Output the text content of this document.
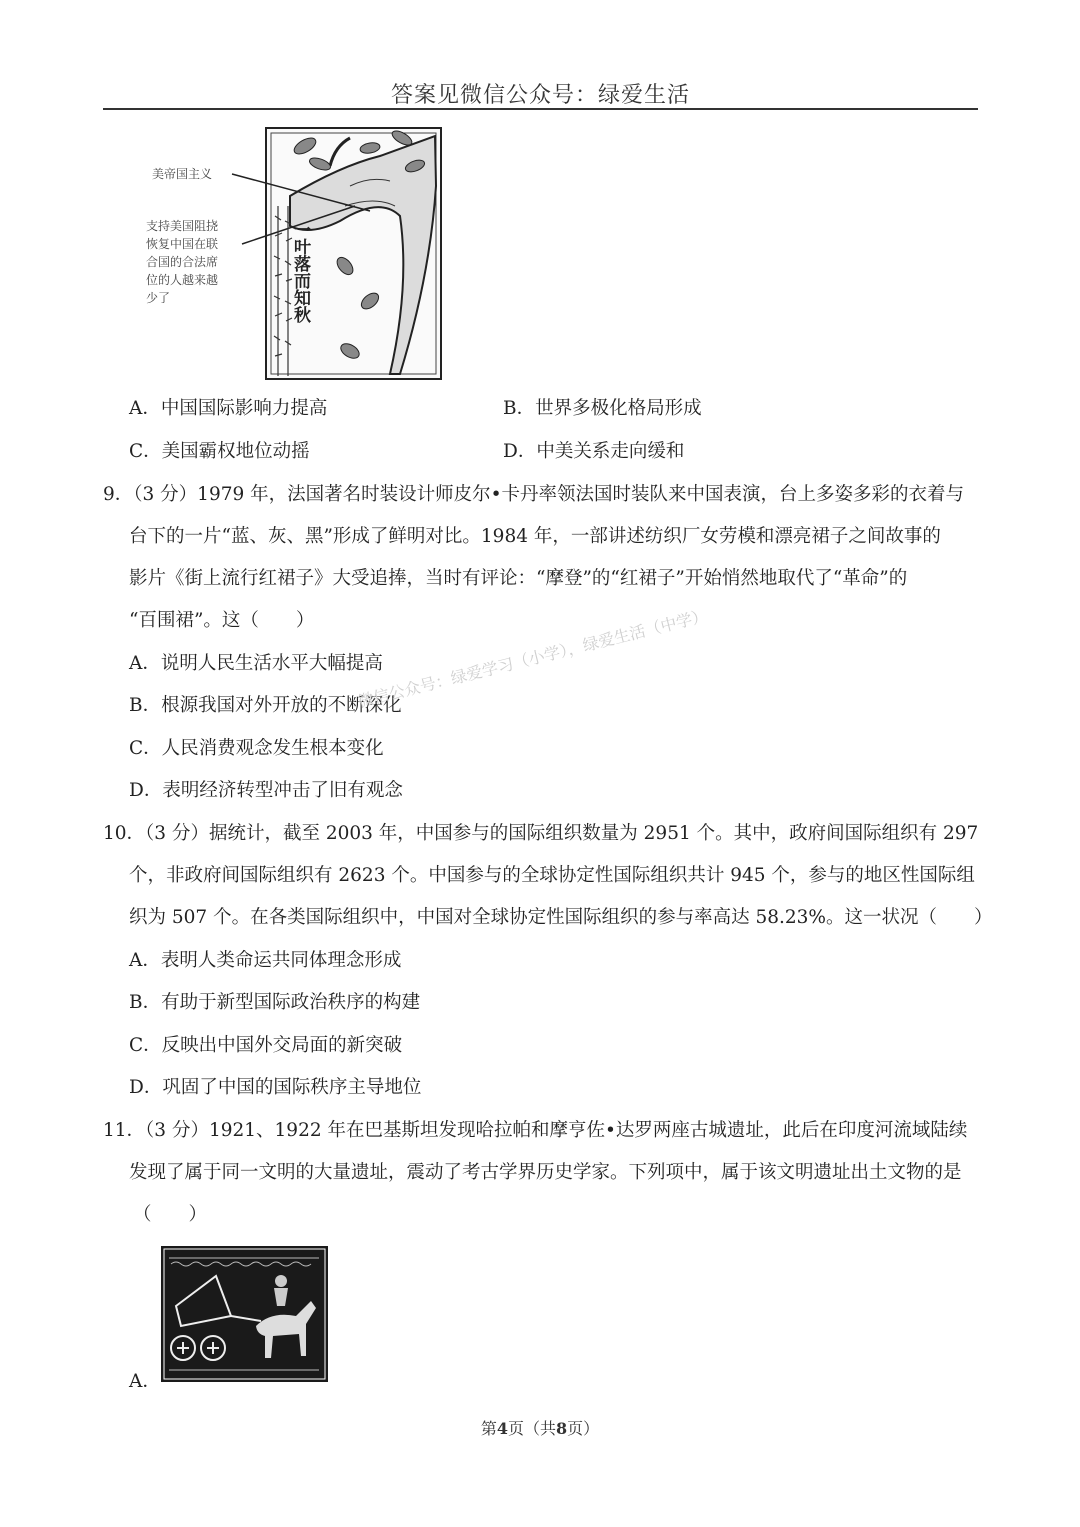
答案见微信公众号：绿爱生活
美帝国主义
支持美国阻挠
恢复中国在联
合国的合法席
位的人越来越
少了	一叶落而知秋
A．中国国际影响力提高	B．世界多极化格局形成
C．美国霸权地位动摇	D．中美关系走向缓和
9．（3 分）1979 年，法国著名时装设计师皮尔•卡丹率领法国时装队来中国表演，台上多姿多彩的衣着与
台下的一片“蓝、灰、黑”形成了鲜明对比。1984 年，一部讲述纺织厂女劳模和漂亮裙子之间故事的
影片《街上流行红裙子》大受追捧，当时有评论：“摩登”的“红裙子”开始悄然地取代了“革命”的
“百围裙”。这（　　）
A．说明人民生活水平大幅提高
B．根源我国对外开放的不断深化
C．人民消费观念发生根本变化
D．表明经济转型冲击了旧有观念
微信公众号：绿爱学习（小学），绿爱生活（中学）
10．（3 分）据统计，截至 2003 年，中国参与的国际组织数量为 2951 个。其中，政府间国际组织有 297
个，非政府间国际组织有 2623 个。中国参与的全球协定性国际组织共计 945 个，参与的地区性国际组
织为 507 个。在各类国际组织中，中国对全球协定性国际组织的参与率高达 58.23%。这一状况（　　）
A．表明人类命运共同体理念形成
B．有助于新型国际政治秩序的构建
C．反映出中国外交局面的新突破
D．巩固了中国的国际秩序主导地位
11．（3 分）1921、1922 年在巴基斯坦发现哈拉帕和摩亨佐•达罗两座古城遗址，此后在印度河流域陆续
发现了属于同一文明的大量遗址，震动了考古学界历史学家。下列项中，属于该文明遗址出土文物的是
（　　）
A．
第4页（共8页）
